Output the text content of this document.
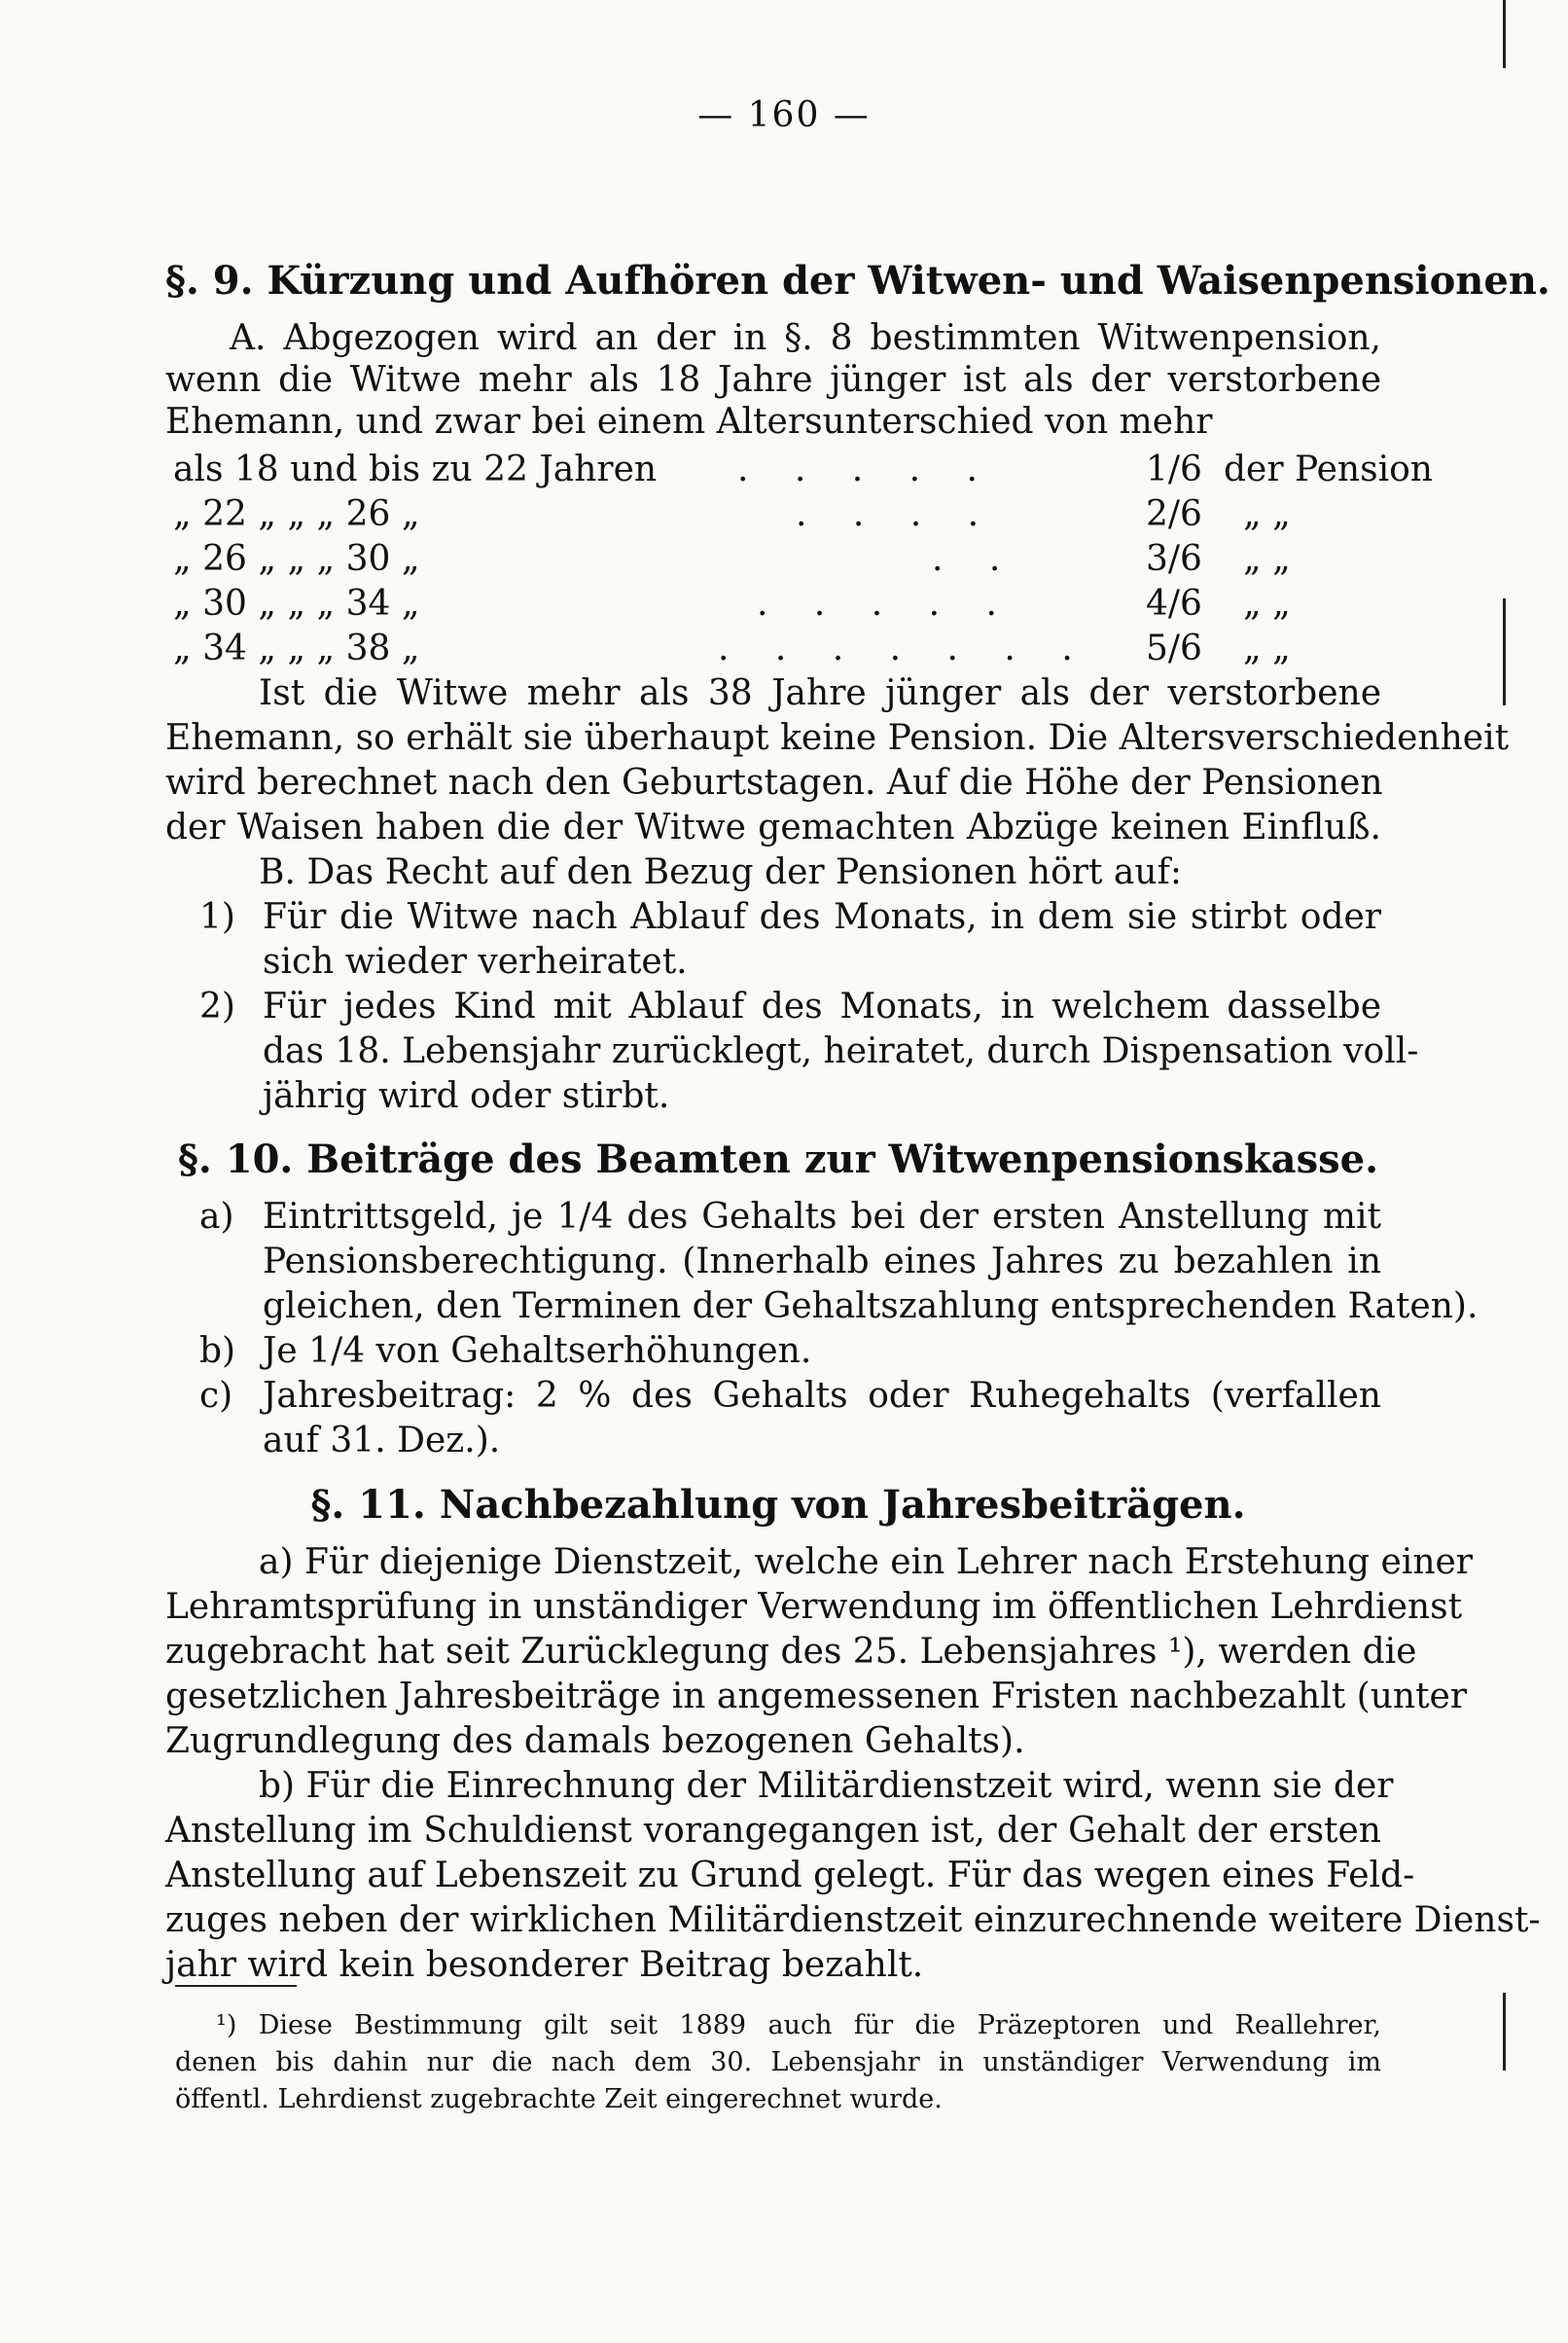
— 160 —
§. 9. Kürzung und Aufhören der Witwen- und Waisenpensionen.
A. Abgezogen wird an der in §. 8 bestimmten Witwenpension,
wenn die Witwe mehr als 18 Jahre jünger ist als der verstorbene
Ehemann, und zwar bei einem Altersunterschied von mehr
als 18 und bis zu 22 Jahren . . . . .	1/6 der Pension
„ 22 „ „ „ 26 „	. . . .	2/6 „ „
„ 26 „ „ „ 30 „	. .	3/6 „ „
„ 30 „ „ „ 34 „	. . . . .	4/6 „ „
„ 34 „ „ „ 38 „	. . . . . . . 5/6 „ „
Ist die Witwe mehr als 38 Jahre jünger als der verstorbene
Ehemann, so erhält sie überhaupt keine Pension. Die Altersverschiedenheit
wird berechnet nach den Geburtstagen. Auf die Höhe der Pensionen
der Waisen haben die der Witwe gemachten Abzüge keinen Einfluß.
B. Das Recht auf den Bezug der Pensionen hört auf:
1) Für die Witwe nach Ablauf des Monats, in dem sie stirbt oder
sich wieder verheiratet.
2) Für jedes Kind mit Ablauf des Monats, in welchem dasselbe
das 18. Lebensjahr zurücklegt, heiratet, durch Dispensation voll-
jährig wird oder stirbt.
§. 10. Beiträge des Beamten zur Witwenpensionskasse.
a) Eintrittsgeld, je 1/4 des Gehalts bei der ersten Anstellung mit
Pensionsberechtigung. (Innerhalb eines Jahres zu bezahlen in
gleichen, den Terminen der Gehaltszahlung entsprechenden Raten).
b) Je 1/4 von Gehaltserhöhungen.
c) Jahresbeitrag: 2 % des Gehalts oder Ruhegehalts (verfallen
auf 31. Dez.).
§. 11. Nachbezahlung von Jahresbeiträgen.
a) Für diejenige Dienstzeit, welche ein Lehrer nach Erstehung einer
Lehramtsprüfung in unständiger Verwendung im öffentlichen Lehrdienst
zugebracht hat seit Zurücklegung des 25. Lebensjahres ¹), werden die
gesetzlichen Jahresbeiträge in angemessenen Fristen nachbezahlt (unter
Zugrundlegung des damals bezogenen Gehalts).
b) Für die Einrechnung der Militärdienstzeit wird, wenn sie der
Anstellung im Schuldienst vorangegangen ist, der Gehalt der ersten
Anstellung auf Lebenszeit zu Grund gelegt. Für das wegen eines Feld-
zuges neben der wirklichen Militärdienstzeit einzurechnende weitere Dienst-
jahr wird kein besonderer Beitrag bezahlt.
¹) Diese Bestimmung gilt seit 1889 auch für die Präzeptoren und Reallehrer,
denen bis dahin nur die nach dem 30. Lebensjahr in unständiger Verwendung im
öffentl. Lehrdienst zugebrachte Zeit eingerechnet wurde.
